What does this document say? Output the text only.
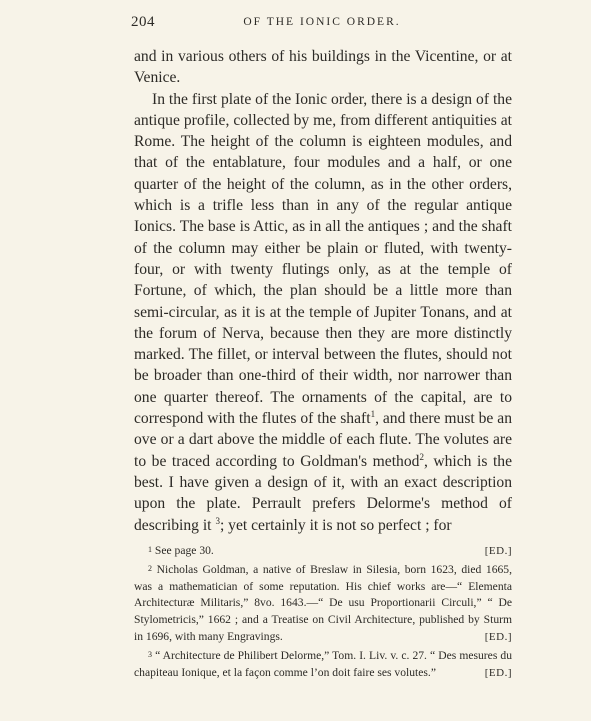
204	OF THE IONIC ORDER.

and in various others of his buildings in the Vicentine, or at Venice.

In the first plate of the Ionic order, there is a design of the antique profile, collected by me, from different antiquities at Rome. The height of the column is eighteen modules, and that of the entablature, four modules and a half, or one quarter of the height of the column, as in the other orders, which is a trifle less than in any of the regular antique Ionics. The base is Attic, as in all the antiques ; and the shaft of the column may either be plain or fluted, with twenty-four, or with twenty flutings only, as at the temple of Fortune, of which, the plan should be a little more than semi-circular, as it is at the temple of Jupiter Tonans, and at the forum of Nerva, because then they are more distinctly marked. The fillet, or interval between the flutes, should not be broader than one-third of their width, nor narrower than one quarter thereof. The ornaments of the capital, are to correspond with the flutes of the shaft$^1$, and there must be an ove or a dart above the middle of each flute. The volutes are to be traced according to Goldman's method$^2$, which is the best. I have given a design of it, with an exact description upon the plate. Perrault prefers Delorme's method of describing it $^3$; yet certainly it is not so perfect ; for

$^1$ See page 30.	[ED.]

$^2$ Nicholas Goldman, a native of Breslaw in Silesia, born 1623, died 1665, was a mathematician of some reputation. His chief works are—“ Elementa Architecturæ Militaris,” 8vo. 1643.—“ De usu Proportionarii Circuli,” “ De Stylometricis,” 1662 ; and a Treatise on Civil Architecture, published by Sturm in 1696, with many Engravings.	[ED.]

$^3$ “ Architecture de Philibert Delorme,” Tom. I. Liv. v. c. 27. “ Des mesures du chapiteau Ionique, et la façon comme l’on doit faire ses volutes.”	[ED.]
